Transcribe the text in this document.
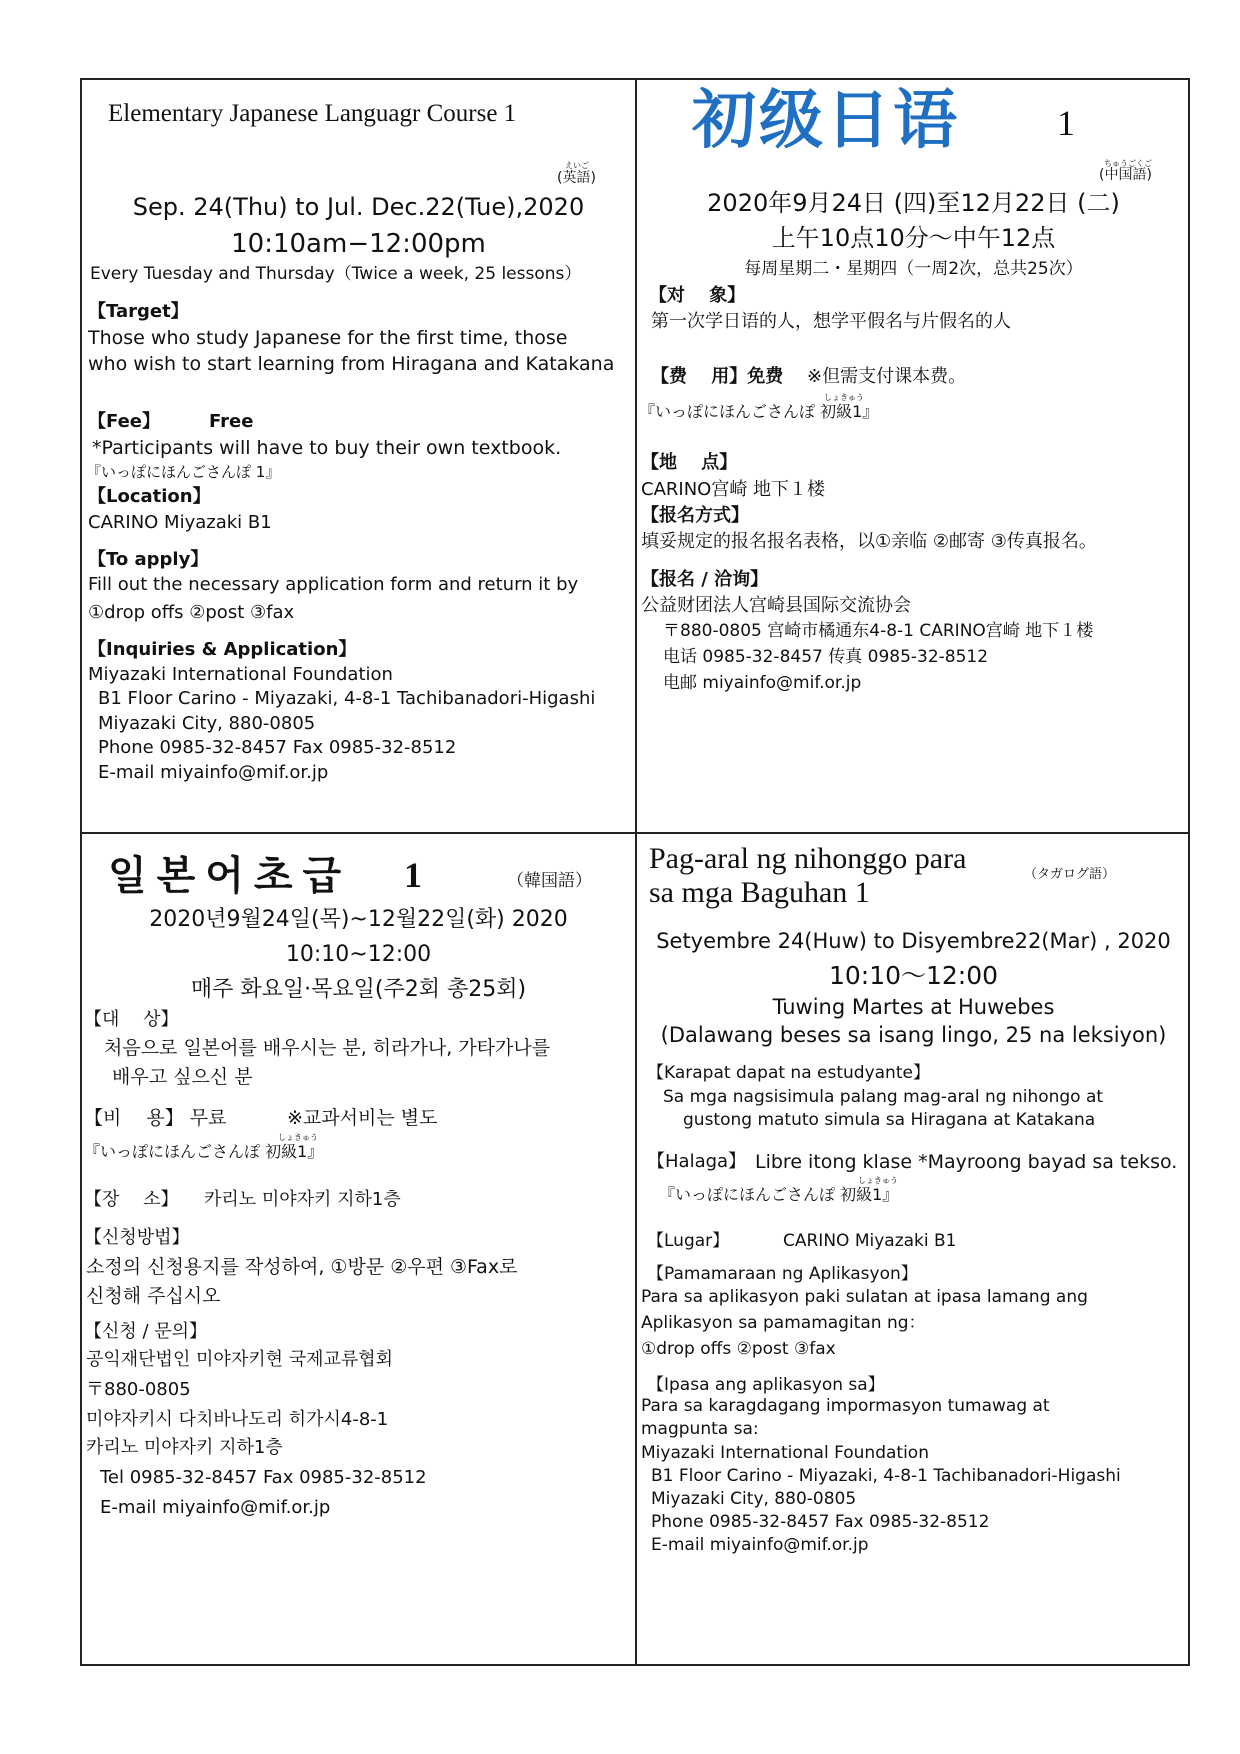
Elementary Japanese Languagr Course 1
えいご
(英語)
Sep. 24(Thu) to Jul. Dec.22(Tue),2020
10:10am−12:00pm
Every Tuesday and Thursday（Twice a week, 25 lessons）
【Target】
Those who study Japanese for the first time, those
who wish to start learning from Hiragana and Katakana
【Fee】	Free
*Participants will have to buy their own textbook.
『いっぽにほんごさんぽ 1』
【Location】
CARINO Miyazaki B1
【To apply】
Fill out the necessary application form and return it by
①drop offs ②post ③fax
【Inquiries & Application】
Miyazaki International Foundation
B1 Floor Carino - Miyazaki, 4-8-1 Tachibanadori-Higashi
Miyazaki City, 880-0805
Phone 0985-32-8457 Fax 0985-32-8512
E-mail miyainfo@mif.or.jp
初级日语	1
ちゅうごくご
(中国語)
2020年9月24日 (四)至12月22日 (二)
上午10点10分～中午12点
每周星期二・星期四（一周2次，总共25次）
【对　 象】
第一次学日语的人，想学平假名与片假名的人
【费　 用】免费 ※但需支付课本费。
しょきゅう
『いっぽにほんごさんぽ 初級1』
【地　 点】
CARINO宫崎 地下１楼
【报名方式】
填妥规定的报名报名表格，以①亲临 ②邮寄 ③传真报名。
【报名 / 洽询】
公益财团法人宫崎县国际交流协会
〒880-0805 宫崎市橘通东4-8-1 CARINO宫崎 地下１楼
电话 0985-32-8457 传真 0985-32-8512
电邮 miyainfo@mif.or.jp
일 본 어 초 급 1	（韓国語）
2020년9월24일(목)~12월22일(화) 2020
10:10~12:00
매주 화요일·목요일(주2회 총25회)
【대　 상】
처음으로 일본어를 배우시는 분, 히라가나, 가타가나를
배우고 싶으신 분
【비　 용】 무료	※교과서비는 별도
しょきゅう
『いっぽにほんごさんぽ 初級1』
【장　 소】 카리노 미야자키 지하1층
【신청방법】
소정의 신청용지를 작성하여, ①방문 ②우편 ③Fax로
신청해 주십시오
【신청 / 문의】
공익재단법인 미야자키현 국제교류협회
〒880-0805
미야자키시 다치바나도리 히가시4-8-1
카리노 미야자키 지하1층
Tel 0985-32-8457 Fax 0985-32-8512
E-mail miyainfo@mif.or.jp
Pag-aral ng nihonggo para
sa mga Baguhan 1
（タガログ語）
Setyembre 24(Huw) to Disyembre22(Mar) , 2020
10:10〜12:00
Tuwing Martes at Huwebes
(Dalawang beses sa isang lingo, 25 na leksiyon)
【Karapat dapat na estudyante】
Sa mga nagsisimula palang mag-aral ng nihongo at
gustong matuto simula sa Hiragana at Katakana
【Halaga】 Libre itong klase *Mayroong bayad sa tekso.
しょきゅう
『いっぽにほんごさんぽ 初級1』
【Lugar】	CARINO Miyazaki B1
【Pamamaraan ng Aplikasyon】
Para sa aplikasyon paki sulatan at ipasa lamang ang
Aplikasyon sa pamamagitan ng：
①drop offs ②post ③fax
【Ipasa ang aplikasyon sa】
Para sa karagdagang impormasyon tumawag at
magpunta sa:
Miyazaki International Foundation
B1 Floor Carino - Miyazaki, 4-8-1 Tachibanadori-Higashi
Miyazaki City, 880-0805
Phone 0985-32-8457 Fax 0985-32-8512
E-mail miyainfo@mif.or.jp
